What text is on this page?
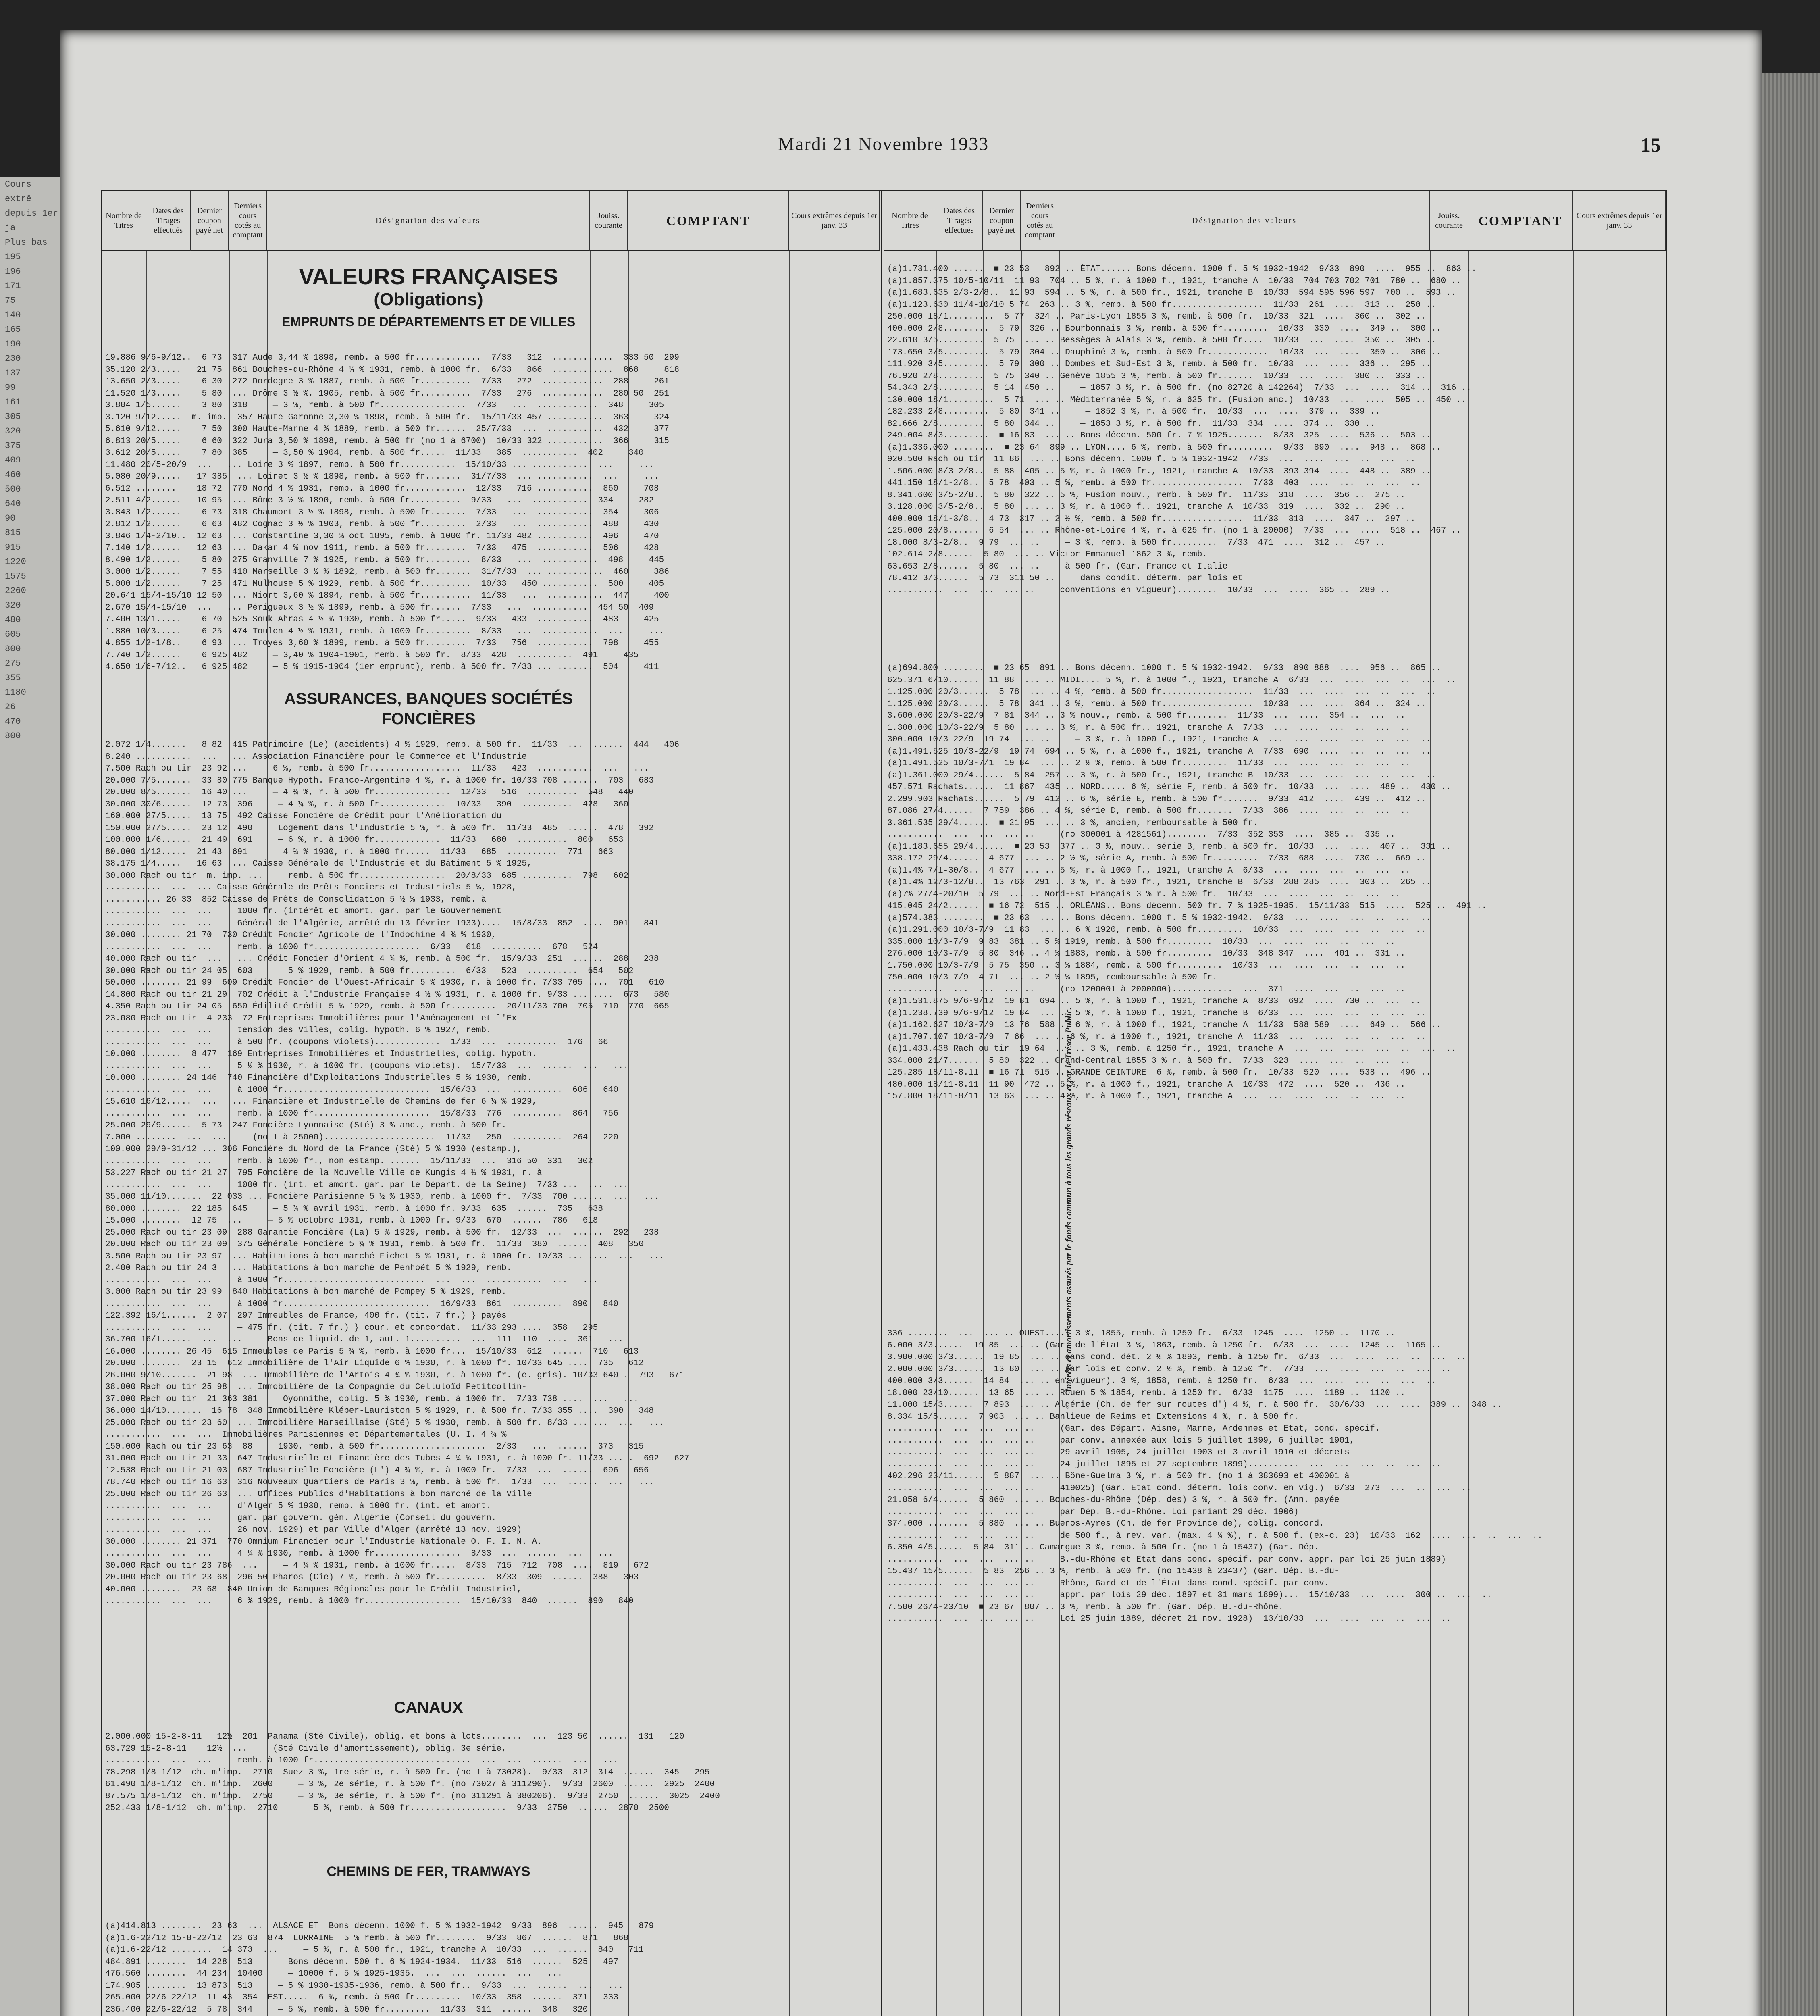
Cours extrê
depuis 1er ja
Plus bas
195
196
171
75
140
165
190
230
137
99
161
305
320
375
409
460
500
640
90
815
915
1220
1575
2260
320
480
605
800
275
355
1180
26
470
800
Mardi 21 Novembre 1933	15
Nombre de Titres
Dates des Tirages effectués
Dernier coupon payé net
Derniers cours cotés au comptant
Désignation des valeurs
Jouiss. courante	COMPTANT	Cours extrêmes depuis 1er janv. 33
VALEURS FRANÇAISES
(Obligations)
EMPRUNTS DE DÉPARTEMENTS ET DE VILLES
19.886 9/6-9/12..  6 73  317 Aude 3,44 % 1898, remb. à 500 fr.............  7/33   312  ............  333 50  299
35.120 2/3.....   21 75  861 Bouches-du-Rhône 4 ¼ % 1931, remb. à 1000 fr.  6/33   866  ............  868     818
13.650 2/3.....    6 30  272 Dordogne 3 % 1887, remb. à 500 fr..........  7/33   272  ............  288     261
11.520 1/3.....    5 80  ... Drôme 3 ½ %, 1905, remb. à 500 fr..........  7/33   276  ............  280 50  251
3.804 1/5......    3 80  318     — 3 %, remb. à 500 fr.................  7/33   ...  ............  348     305
3.120 9/12.....  m. imp.  357 Haute-Garonne 3,30 % 1898, remb. à 500 fr.  15/11/33 457 ...........  363     324
5.610 9/12.....    7 50  300 Haute-Marne 4 % 1889, remb. à 500 fr......  25/7/33  ...  ...........  432     377
6.813 20/5.....    6 60  322 Jura 3,50 % 1898, remb. à 500 fr (no 1 à 6700)  10/33 322 ...........  366     315
3.612 20/5.....    7 80  385     — 3,50 % 1904, remb. à 500 fr.....  11/33   385  ...........  402     340
11.480 20/5-20/9  ...   ... Loire 3 % 1897, remb. à 500 fr...........  15/10/33 ... ...........  ...     ...
5.080 20/9.....   17 385  ... Loiret 3 ½ % 1898, remb. à 500 fr.......  31/7/33  ... ...........  ...     ...
6.512 ........    18 72  770 Nord 4 % 1931, remb. à 1000 fr............  12/33   716 ...........  860     708
2.511 4/2......   10 95  ... Bône 3 ½ % 1890, remb. à 500 fr..........  9/33   ...  ...........  334     282
3.843 1/2......    6 73  318 Chaumont 3 ½ % 1898, remb. à 500 fr.......  7/33   ...  ...........  354     306
2.812 1/2......    6 63  482 Cognac 3 ½ % 1903, remb. à 500 fr.........  2/33   ...  ...........  488     430
3.846 1/4-2/10..  12 63  ... Constantine 3,30 % oct 1895, remb. à 1000 fr. 11/33 482 ...........  496     470
7.140 1/2......   12 63  ... Dakar 4 % nov 1911, remb. à 500 fr........  7/33   475  ...........  506     428
8.490 1/2......    5 80  275 Granville 7 % 1925, remb. à 500 fr.........  8/33   ...  ...........  498     445
3.000 1/2......    7 55  410 Marseille 3 ½ % 1892, remb. à 500 fr.......  31/7/33  ... ...........  460     386
5.000 1/2......    7 25  471 Mulhouse 5 % 1929, remb. à 500 fr..........  10/33   450 ...........  500     405
20.641 15/4-15/10 12 50  ... Niort 3,60 % 1894, remb. à 500 fr..........  11/33   ...  ...........  447     400
2.670 15/4-15/10  ...   ... Périgueux 3 ½ % 1899, remb. à 500 fr......  7/33   ...  ...........  454 50  409
7.400 13/1.....    6 70  525 Souk-Ahras 4 ½ % 1930, remb. à 500 fr.....  9/33   433  ...........  483     425
1.880 10/3.....    6 25  474 Toulon 4 ½ % 1931, remb. à 1000 fr.........  8/33   ...  ...........  ...     ...
4.855 1/2-1/8..    6 93  ... Troyes 3,60 % 1899, remb. à 500 fr........  7/33   756  ...........  798     455
7.740 1/2......    6 925 482     — 3,40 % 1904-1901, remb. à 500 fr.  8/33  428  ...........  491     435
4.650 1/6-7/12..   6 925 482     — 5 % 1915-1904 (1er emprunt), remb. à 500 fr. 7/33 ... .......  504     411
ASSURANCES, BANQUES SOCIÉTÉS FONCIÈRES
2.072 1/4.......   8 82  415 Patrimoine (Le) (accidents) 4 % 1929, remb. à 500 fr.  11/33  ...  ......  444   406
8.240 ...........  ...   ... Association Financière pour le Commerce et l'Industrie
7.500 Rach ou tir  23 92 ...     6 %, remb. à 500 fr..................  11/33   423  ...........  ...   ...
20.000 7/5.......  33 80 775 Banque Hypoth. Franco-Argentine 4 %, r. à 1000 fr. 10/33 708 .......  703   683
20.000 8/5.......  16 40 ...     — 4 ¼ %, r. à 500 fr...............  12/33   516  ..........  548   440
30.000 30/6......  12 73  396     — 4 ¼ %, r. à 500 fr.............  10/33   390  ..........  428   360
160.000 27/5.....  13 75  492 Caisse Foncière de Crédit pour l'Amélioration du
150.000 27/5.....  23 12  490     Logement dans l'Industrie 5 %, r. à 500 fr.  11/33  485  ......  478   392
100.000 1/6......  21 49  691     — 6 %, r. à 1000 fr.............  11/33   680  ..........  800   653
80.000 1/12.....  21 43  691     — 4 ¾ % 1930, r. à 1000 fr.....  11/33   685  ..........  771   663
38.175 1/4.....   16 63  ... Caisse Générale de l'Industrie et du Bâtiment 5 % 1925,
30.000 Rach ou tir  m. imp. ...     remb. à 500 fr.................  20/8/33  685 ..........  798   602
...........  ...  ... Caisse Générale de Prêts Fonciers et Industriels 5 %, 1928,
........... 26 33  852 Caisse de Prêts de Consolidation 5 ½ % 1933, remb. à
...........  ...  ...     1000 fr. (intérêt et amort. gar. par le Gouvernement
...........  ...  ...     Général de l'Algérie, arrêté du 13 février 1933)....  15/8/33  852  ....  901   841
30.000 ........ 21 70  730 Crédit Foncier Agricole de l'Indochine 4 ¾ % 1930,
...........  ...  ...     remb. à 1000 fr.....................  6/33   618  ..........  678   524
40.000 Rach ou tir  ...   ... Crédit Foncier d'Orient 4 ¾ %, remb. à 500 fr.  15/9/33  251  ......  288   238
30.000 Rach ou tir 24 05  603     — 5 % 1929, remb. à 500 fr.........  6/33   523  ..........  654   502
50.000 ........ 21 99  609 Crédit Foncier de l'Ouest-Africain 5 % 1930, r. à 1000 fr. 7/33 705 ....  701   610
14.800 Rach ou tir 21 29  702 Crédit à l'Industrie Française 4 ½ % 1931, r. à 1000 fr. 9/33 ... ....  673   580
4.350 Rach ou tir 24 05  650 Édilité-Crédit 5 % 1929, remb. à 500 fr.........  20/11/33 700  705  710  770  665
23.080 Rach ou tir  4 233  72 Entreprises Immobilières pour l'Aménagement et l'Ex-
...........  ...  ...     tension des Villes, oblig. hypoth. 6 % 1927, remb.
...........  ...  ...     à 500 fr. (coupons violets).............  1/33  ...  ..........  176   66
10.000 ........  8 477  169 Entreprises Immobilières et Industrielles, oblig. hypoth.
...........  ...  ...     5 ½ % 1930, r. à 1000 fr. (coupons violets).  15/7/33  ...  ......  ...   ...
10.000 ........ 24 146  740 Financière d'Exploitations Industrielles 5 % 1930, remb.
...........  ...  ...     à 1000 fr.............................  15/6/33  ...  ..........  606   640
15.610 16/12.....  ...   ... Financière et Industrielle de Chemins de fer 6 ¼ % 1929,
...........  ...  ...     remb. à 1000 fr.......................  15/8/33  776  ..........  864   756
25.000 29/9......  5 73  247 Foncière Lyonnaise (Sté) 3 % anc., remb. à 500 fr.
7.000 ........  ...  ...     (no 1 à 25000)......................  11/33   250  ..........  264   220
100.000 29/9-31/12 ... 306 Foncière du Nord de la France (Sté) 5 % 1930 (estamp.),
...........  ...  ...     remb. à 1000 fr., non estamp. ......  15/11/33  ...  316 50  331   302
53.227 Rach ou tir 21 27  795 Foncière de la Nouvelle Ville de Kungis 4 ¾ % 1931, r. à
...........  ...  ...     1000 fr. (int. et amort. gar. par le Départ. de la Seine)  7/33 ...  ...  ...
35.000 11/10.......  22 033 ... Foncière Parisienne 5 ½ % 1930, remb. à 1000 fr.  7/33  700 ......  ...   ...
80.000 ........  22 185  645     — 5 ¾ % avril 1931, remb. à 1000 fr. 9/33  635  ......  735   638
15.000 ........  12 75  ...     — 5 % octobre 1931, remb. à 1000 fr. 9/33  670  ......  786   618
25.000 Rach ou tir 23 09  288 Garantie Foncière (La) 5 % 1929, remb. à 500 fr.  12/33  ...  ......  292   238
20.000 Rach ou tir 23 09  375 Générale Foncière 5 ¾ % 1931, remb. à 500 fr.  11/33  380  ......  408   350
3.500 Rach ou tir 23 97  ... Habitations à bon marché Fichet 5 % 1931, r. à 1000 fr. 10/33 ... ....  ...   ...
2.400 Rach ou tir 24 3   ... Habitations à bon marché de Penhoët 5 % 1929, remb.
...........  ...  ...     à 1000 fr............................  ...  ...  ...........  ...   ...
3.000 Rach ou tir 23 99  840 Habitations à bon marché de Pompey 5 % 1929, remb.
...........  ...  ...     à 1000 fr.............................  16/9/33  861  ..........  890   840
122.392 16/1......  2 07  297 Immeubles de France, 400 fr. (tit. 7 fr.) } payés
...........  ...  ...     — 475 fr. (tit. 7 fr.) } cour. et concordat.  11/33 293 ....  358   295
36.700 16/1......  ...  ...     Bons de liquid. de 1, aut. 1..........  ...  111  110  ....  361   ...
16.000 ........ 26 45  615 Immeubles de Paris 5 ¾ %, remb. à 1000 fr...  15/10/33  612  ......  710   613
20.000 ........  23 15  612 Immobilière de l'Air Liquide 6 % 1930, r. à 1000 fr. 10/33 645 ....  735   612
26.000 9/10.......  21 98  ... Immobilière de l'Artois 4 ¾ % 1930, r. à 1000 fr. (e. gris). 10/33 640 .  793   671
38.000 Rach ou tir 25 98  ... Immobilière de la Compagnie du Celluloïd Petitcollin-
37.000 Rach ou tir  21 363 381     Oyonnithe, oblig. 5 % 1930, remb. à 1000 fr.  7/33 738 ....  ...   ...
36.000 14/10.......  16 78  348 Immobilière Kléber-Lauriston 5 % 1929, r. à 500 fr. 7/33 355 ....  390   348
25.000 Rach ou tir 23 60  ... Immobilière Marseillaise (Sté) 5 % 1930, remb. à 500 fr. 8/33 ... ...  ...   ...
...........  ...  ...  Immobilières Parisiennes et Départementales (U. I. 4 ¾ %
150.000 Rach ou tir 23 63  88     1930, remb. à 500 fr.....................  2/33   ...  ......  373   315
31.000 Rach ou tir 21 33  647 Industrielle et Financière des Tubes 4 ¼ % 1931, r. à 1000 fr. 11/33 ... .  692   627
12.538 Rach ou tir 21 03  687 Industrielle Foncière (L') 4 ¾ %, r. à 1000 fr.  7/33  ...  ......  696   656
78.740 Rach ou tir 16 63  316 Nouveaux Quartiers de Paris 3 %, remb. à 500 fr.  1/33  ...  ......  ...   ...
25.000 Rach ou tir 26 63  ... Offices Publics d'Habitations à bon marché de la Ville
...........  ...  ...     d'Alger 5 % 1930, remb. à 1000 fr. (int. et amort.
...........  ...  ...     gar. par gouvern. gén. Algérie (Conseil du gouvern.
...........  ...  ...     26 nov. 1929) et par Ville d'Alger (arrêté 13 nov. 1929)
30.000 ........ 21 371  770 Omnium Financier pour l'Industrie Nationale O. F. I. N. A.
...........  ...  ...     4 ¼ % 1930, remb. à 1000 fr.................  8/33  ...  ......  ...   ...
30.000 Rach ou tir 23 786  ...     — 4 ¼ % 1931, remb. à 1000 fr.....  8/33  715  712  708  ....  819   672
20.000 Rach ou tir 23 68  296 50 Pharos (Cie) 7 %, remb. à 500 fr..........  8/33  309  ......  388   303
40.000 ........  23 68  840 Union de Banques Régionales pour le Crédit Industriel,
...........  ...  ...     6 % 1929, remb. à 1000 fr...................  15/10/33  840  ......  890   840
CANAUX
2.000.000 15-2-8-11   12½  201  Panama (Sté Civile), oblig. et bons à lots........  ...  123 50  ......  131   120
63.729 15-2-8-11    12½  ...     (Sté Civile d'amortissement), oblig. 3e série,
...........  ...  ...     remb. à 1000 fr...............................  ...  ...  ......  ...   ...
78.298 1/8-1/12  ch. m'imp.  2710  Suez 3 %, 1re série, r. à 500 fr. (no 1 à 73028).  9/33  312  314  ......  345   295
61.490 1/8-1/12  ch. m'imp.  2600     — 3 %, 2e série, r. à 500 fr. (no 73027 à 311290).  9/33  2600  ......  2925  2400
87.575 1/8-1/12  ch. m'imp.  2750     — 3 %, 3e série, r. à 500 fr. (no 311291 à 380206).  9/33  2750  ......  3025  2400
252.433 1/8-1/12  ch. m'imp.  2710     — 5 %, remb. à 500 fr...................  9/33  2750  ......  2870  2500
CHEMINS DE FER, TRAMWAYS
(a)414.813 ........  23 63  ...  ALSACE ET  Bons décenn. 1000 f. 5 % 1932-1942  9/33  896  ......  945   879
(a)1.6-22/12 15-8-22/12  23 63  874  LORRAINE  5 % remb. à 500 fr........  9/33  867  ......  871   868
(a)1.6-22/12 ........  14 373  ...     — 5 %, r. à 500 fr., 1921, tranche A  10/33  ...  ......  840   711
484.891 ........  14 228  513     — Bons décenn. 500 f. 6 % 1924-1934.  11/33  516  ......  525   497
476.560 ........  44 234  10400     — 10000 f. 5 % 1925-1935.  ...  ...  ......  ...   ...
174.905 ........  13 873  513     — 5 % 1930-1935-1936, remb. à 500 fr..  9/33  ...  ......  ...   ...
265.000 22/6-22/12  11 43  354  EST.....  6 %, remb. à 500 fr.........  10/33  358  ......  371   333
236.400 22/6-22/12  5 78  344     — 5 %, remb. à 500 fr.........  11/33  311  ......  348   320
Nombre de Titres
Dates des Tirages effectués
Dernier coupon payé net
Derniers cours cotés au comptant
Désignation des valeurs
Jouiss. courante	COMPTANT	Cours extrêmes depuis 1er janv. 33
Intérêts et amortissements assurés par le fonds commun à tous les grands réseaux et par le Trésor Public.
(a)1.731.400 ......  ■ 23 53   892 .. ÉTAT...... Bons décenn. 1000 f. 5 % 1932-1942  9/33  890  ....  955 ..  863 ..
(a)1.857.375 10/5-10/11  11 93  704 .. 5 %, r. à 1000 f., 1921, tranche A  10/33  704 703 702 701  780 ..  680 ..
(a)1.683.635 2/3-2/8..  11 93  594 .. 5 %, r. à 500 fr., 1921, tranche B  10/33  594 595 596 597  700 ..  593 ..
(a)1.123.630 11/4-10/10 5 74  263 .. 3 %, remb. à 500 fr..................  11/33  261  ....  313 ..  250 ..
250.000 18/1.........  5 77  324 .. Paris-Lyon 1855 3 %, remb. à 500 fr.  10/33  321  ....  360 ..  302 ..
400.000 2/8.........  5 79  326 .. Bourbonnais 3 %, remb. à 500 fr.........  10/33  330  ....  349 ..  300 ..
22.610 3/5.........  5 75  ... .. Bessèges à Alais 3 %, remb. à 500 fr....  10/33  ...  ....  350 ..  305 ..
173.650 3/5.........  5 79  304 .. Dauphiné 3 %, remb. à 500 fr............  10/33  ...  ....  350 ..  306 ..
111.920 3/5.........  5 79  300 .. Dombes et Sud-Est 3 %, remb. à 500 fr.  10/33  ...  ....  336 ..  295 ..
76.920 2/8.........  5 75  340 .. Genève 1855 3 %, remb. à 500 fr.......  10/33  ...  ....  380 ..  333 ..
54.343 2/8.........  5 14  450 ..     — 1857 3 %, r. à 500 fr. (no 82720 à 142264)  7/33  ...  ....  314 ..  316 ..
130.000 18/1.........  5 71  ... .. Méditerranée 5 %, r. à 625 fr. (Fusion anc.)  10/33  ...  ....  505 ..  450 ..
182.233 2/8.........  5 80  341 ..     — 1852 3 %, r. à 500 fr.  10/33  ...  ....  379 ..  339 ..
82.666 2/8.........  5 80  344 ..     — 1853 3 %, r. à 500 fr.  11/33  334  ....  374 ..  330 ..
249.004 8/3.........  ■ 16 83  ... .. Bons décenn. 500 fr. 7 % 1925.......  8/33  325  ....  536 ..  503 ..
(a)1.336.000 ........  ■ 23 64  899 .. LYON.... 6 %, remb. à 500 fr.........  9/33  890  ....  948 ..  868 ..
920.500 Rach ou tir  11 86  ... .. Bons décenn. 1000 f. 5 % 1932-1942  7/33  ...  ....  ...  ..  ...  ..
1.506.000 8/3-2/8..  5 88  405 .. 5 %, r. à 1000 fr., 1921, tranche A  10/33  393 394  ....  448 ..  389 ..
441.150 18/1-2/8..  5 78  403 .. 5 %, remb. à 500 fr..................  7/33  403  ....  ...  ..  ...  ..
8.341.600 3/5-2/8..  5 80  322 .. 5 %, Fusion nouv., remb. à 500 fr.  11/33  318  ....  356 ..  275 ..
3.128.000 3/5-2/8..  5 80  ... .. 3 %, r. à 1000 f., 1921, tranche A  10/33  319  ....  332 ..  290 ..
400.000 18/1-3/8..  4 73  317 .. 2 ½ %, remb. à 500 fr................  11/33  313  ....  347 ..  297 ..
125.000 20/8......  6 54  ... .. Rhône-et-Loire 4 %, r. à 625 fr. (no 1 à 20000)  7/33  ...  ....  518 ..  467 ..
18.000 8/3-2/8..  9 79  ... ..     — 3 %, remb. à 500 fr.........  7/33  471  ....  312 ..  457 ..
102.614 2/8......  5 80  ... .. Victor-Emmanuel 1862 3 %, remb.
63.653 2/8......  5 80  ... ..     à 500 fr. (Gar. France et Italie
78.412 3/3......  5 73  311 50 ..     dans condit. déterm. par lois et
...........  ...  ...  ... ..     conventions en vigueur)........  10/33  ...  ....  365 ..  289 ..
(a)694.800 ........  ■ 23 65  891 .. Bons décenn. 1000 f. 5 % 1932-1942.  9/33  890 888  ....  956 ..  865 ..
625.371 6/10......  11 88  ... .. MIDI.... 5 %, r. à 1000 f., 1921, tranche A  6/33  ...  ....  ...  ..  ...  ..
1.125.000 20/3......  5 78  ... .. 4 %, remb. à 500 fr..................  11/33  ...  ....  ...  ..  ...  ..
1.125.000 20/3......  5 78  341 .. 3 %, remb. à 500 fr..................  10/33  ...  ....  364 ..  324 ..
3.600.000 20/3-22/9  7 81  344 .. 3 % nouv., remb. à 500 fr........  11/33  ...  ....  354 ..  ...  ..
1.300.000 10/3-22/9  5 80  ... .. 3 %, r. à 500 fr., 1921, tranche A  7/33  ...  ....  ...  ..  ...  ..
300.000 10/3-22/9  19 74  ... ..     — 3 %, r. à 1000 f., 1921, tranche A  ...  ...  ....  ...  ..  ...  ..
(a)1.491.525 10/3-22/9  19 74  694 .. 5 %, r. à 1000 f., 1921, tranche A  7/33  690  ....  ...  ..  ...  ..
(a)1.491.525 10/3-7/1  19 84  ... .. 2 ½ %, remb. à 500 fr.........  11/33  ...  ....  ...  ..  ...  ..
(a)1.361.000 29/4......  5 84  257 .. 3 %, r. à 500 fr., 1921, tranche B  10/33  ...  ....  ...  ..  ...  ..
457.571 Rachats......  11 867  435 .. NORD..... 6 %, série F, remb. à 500 fr.  10/33  ...  ....  489 ..  430 ..
2.299.903 Rachats......  5 79  412 .. 6 %, série E, remb. à 500 fr.......  9/33  412  ....  439 ..  412 ..
87.086 27/4......  7 759  386 .. 4 %, série D, remb. à 500 fr.......  7/33  386  ....  ...  ..  ...  ..
3.361.535 29/4......  ■ 21 95  ... .. 3 %, ancien, remboursable à 500 fr.
...........  ...  ...  ... ..     (no 300001 à 4281561)........  7/33  352 353  ....  385 ..  335 ..
(a)1.183.655 29/4......  ■ 23 53  377 .. 3 %, nouv., série B, remb. à 500 fr.  10/33  ...  ....  407 ..  331 ..
338.172 29/4......  4 677  ... .. 2 ½ %, série A, remb. à 500 fr.........  7/33  688  ....  730 ..  669 ..
(a)1.4% 7/1-30/8..  4 677  ... .. 5 %, r. à 1000 f., 1921, tranche A  6/33  ...  ....  ...  ..  ...  ..
(a)1.4% 12/3-12/8..  13 763  291 .. 3 %, r. à 500 fr., 1921, tranche B  6/33  288 285  ....  303 ..  265 ..
(a)7% 27/4-20/10  5 79  ... .. Nord-Est Français 3 % r. à 500 fr.  10/33  ...  ....  ...  ..  ...  ..
415.045 24/2......  ■ 16 72  515 .. ORLÉANS.. Bons décenn. 500 fr. 7 % 1925-1935.  15/11/33  515  ....  525 ..  491 ..
(a)574.383 ........  ■ 23 63  ... .. Bons décenn. 1000 f. 5 % 1932-1942.  9/33  ...  ....  ...  ..  ...  ..
(a)1.291.000 10/3-7/9  11 83  ... .. 6 % 1920, remb. à 500 fr.........  10/33  ...  ....  ...  ..  ...  ..
335.000 10/3-7/9  9 83  381 .. 5 % 1919, remb. à 500 fr.........  10/33  ...  ....  ...  ..  ...  ..
276.000 10/3-7/9  5 80  346 .. 4 % 1883, remb. à 500 fr.........  10/33  348 347  ....  401 ..  331 ..
1.750.000 10/3-7/9  5 75  350 .. 3 % 1884, remb. à 500 fr.........  10/33  ...  ....  ...  ..  ...  ..
750.000 10/3-7/9  4 71  ... .. 2 ½ % 1895, remboursable à 500 fr.
...........  ...  ...  ... ..     (no 1200001 à 2000000)............  ...  371  ....  ...  ..  ...  ..
(a)1.531.875 9/6-9/12  19 81  694 .. 5 %, r. à 1000 f., 1921, tranche A  8/33  692  ....  730 ..  ...  ..
(a)1.238.739 9/6-9/12  19 84  ... .. 5 %, r. à 1000 f., 1921, tranche B  6/33  ...  ....  ...  ..  ...  ..
(a)1.162.627 10/3-7/9  13 76  588 .. 6 %, r. à 1000 f., 1921, tranche A  11/33  588 589  ....  649 ..  566 ..
(a)1.707.107 10/3-7/9  7 66  ... .. 6 %, r. à 1000 f., 1921, tranche A  11/33  ...  ....  ...  ..  ...  ..
(a)1.433.438 Rach ou tir  19 64  ... .. 3 %, remb. à 1250 fr., 1921, tranche A  ...  ...  ....  ...  ..  ...  ..
334.000 21/7......  5 80  322 .. Grand-Central 1855 3 % r. à 500 fr.  7/33  323  ....  ...  ..  ...  ..
125.285 18/11-8.11  ■ 16 71  515 .. GRANDE CEINTURE  6 %, remb. à 500 fr.  10/33  520  ....  538 ..  496 ..
480.000 18/11-8.11  11 90  472 .. 5 %, r. à 1000 f., 1921, tranche A  10/33  472  ....  520 ..  436 ..
157.800 18/11-8/11  13 63  ... .. 4 %, r. à 1000 f., 1921, tranche A  ...  ...  ....  ...  ..  ...  ..
336 ........  ...  ... .. OUEST..... 3 %, 1855, remb. à 1250 fr.  6/33  1245  ....  1250 ..  1170 ..
6.000 3/3......  19 85  ... .. (Gar. de l'État 3 %, 1863, remb. à 1250 fr.  6/33  ...  ....  1245 ..  1165 ..
3.900.000 3/3......  19 85  ... .. dans cond. dét. 2 ½ % 1893, remb. à 1250 fr.  6/33  ...  ....  ...  ..  ...  ..
2.000.000 3/3......  13 80  ... .. par lois et conv. 2 ½ %, remb. à 1250 fr.  7/33  ...  ....  ...  ..  ...  ..
400.000 3/3......  14 84  ... .. en vigueur). 3 %, 1858, remb. à 1250 fr.  6/33  ...  ....  ...  ..  ...  ..
18.000 23/10......  13 65  ... .. Rouen 5 % 1854, remb. à 1250 fr.  6/33  1175  ....  1189 ..  1120 ..
11.000 15/3......  7 893  ... .. Algérie (Ch. de fer sur routes d') 4 %, r. à 500 fr.  30/6/33  ...  ....  389 ..  348 ..
8.334 15/5......  7 903  ... .. Banlieue de Reims et Extensions 4 %, r. à 500 fr.
...........  ...  ...  ... ..     (Gar. des Départ. Aisne, Marne, Ardennes et Etat, cond. spécif.
...........  ...  ...  ... ..     par conv. annexée aux lois 5 juillet 1899, 6 juillet 1901,
...........  ...  ...  ... ..     29 avril 1905, 24 juillet 1903 et 3 avril 1910 et décrets
...........  ...  ...  ... ..     24 juillet 1895 et 27 septembre 1899)..........  ...  ...  ...  ..  ...  ..
402.296 23/11......  5 887  ... .. Bône-Guelma 3 %, r. à 500 fr. (no 1 à 383693 et 400001 à
...........  ...  ...  ... ..     419025) (Gar. Etat cond. déterm. lois conv. en vig.)  6/33  273  ...  ..  ...  ..
21.058 6/4......  5 860  ... .. Bouches-du-Rhône (Dép. des) 3 %, r. à 500 fr. (Ann. payée
...........  ...  ...  ... ..     par Dép. B.-du-Rhône. Loi pariant 29 déc. 1906)
374.000 ........  5 880  ... .. Buenos-Ayres (Ch. de fer Province de), oblig. concord.
...........  ...  ...  ... ..     de 500 f., à rev. var. (max. 4 ¼ %), r. à 500 f. (ex-c. 23)  10/33  162  ....  ...  ..  ...  ..
6.350 4/5......  5 84  311 .. Camargue 3 %, remb. à 500 fr. (no 1 à 15437) (Gar. Dép.
...........  ...  ...  ... ..     B.-du-Rhône et Etat dans cond. spécif. par conv. appr. par loi 25 juin 1889)
15.437 15/5......  5 83  256 .. 3 %, remb. à 500 fr. (no 15438 à 23437) (Gar. Dép. B.-du-
...........  ...  ...  ... ..     Rhône, Gard et de l'État dans cond. spécif. par conv.
...........  ...  ...  ... ..     appr. par lois 29 déc. 1897 et 31 mars 1899)...  15/10/33  ...  ....  300 ..  ...  ..
7.500 26/4-23/10  ■ 23 67  807 .. 3 %, remb. à 500 fr. (Gar. Dép. B.-du-Rhône.
...........  ...  ...  ... ..     Loi 25 juin 1889, décret 21 nov. 1928)  13/10/33  ...  ....  ...  ..  ...  ..
